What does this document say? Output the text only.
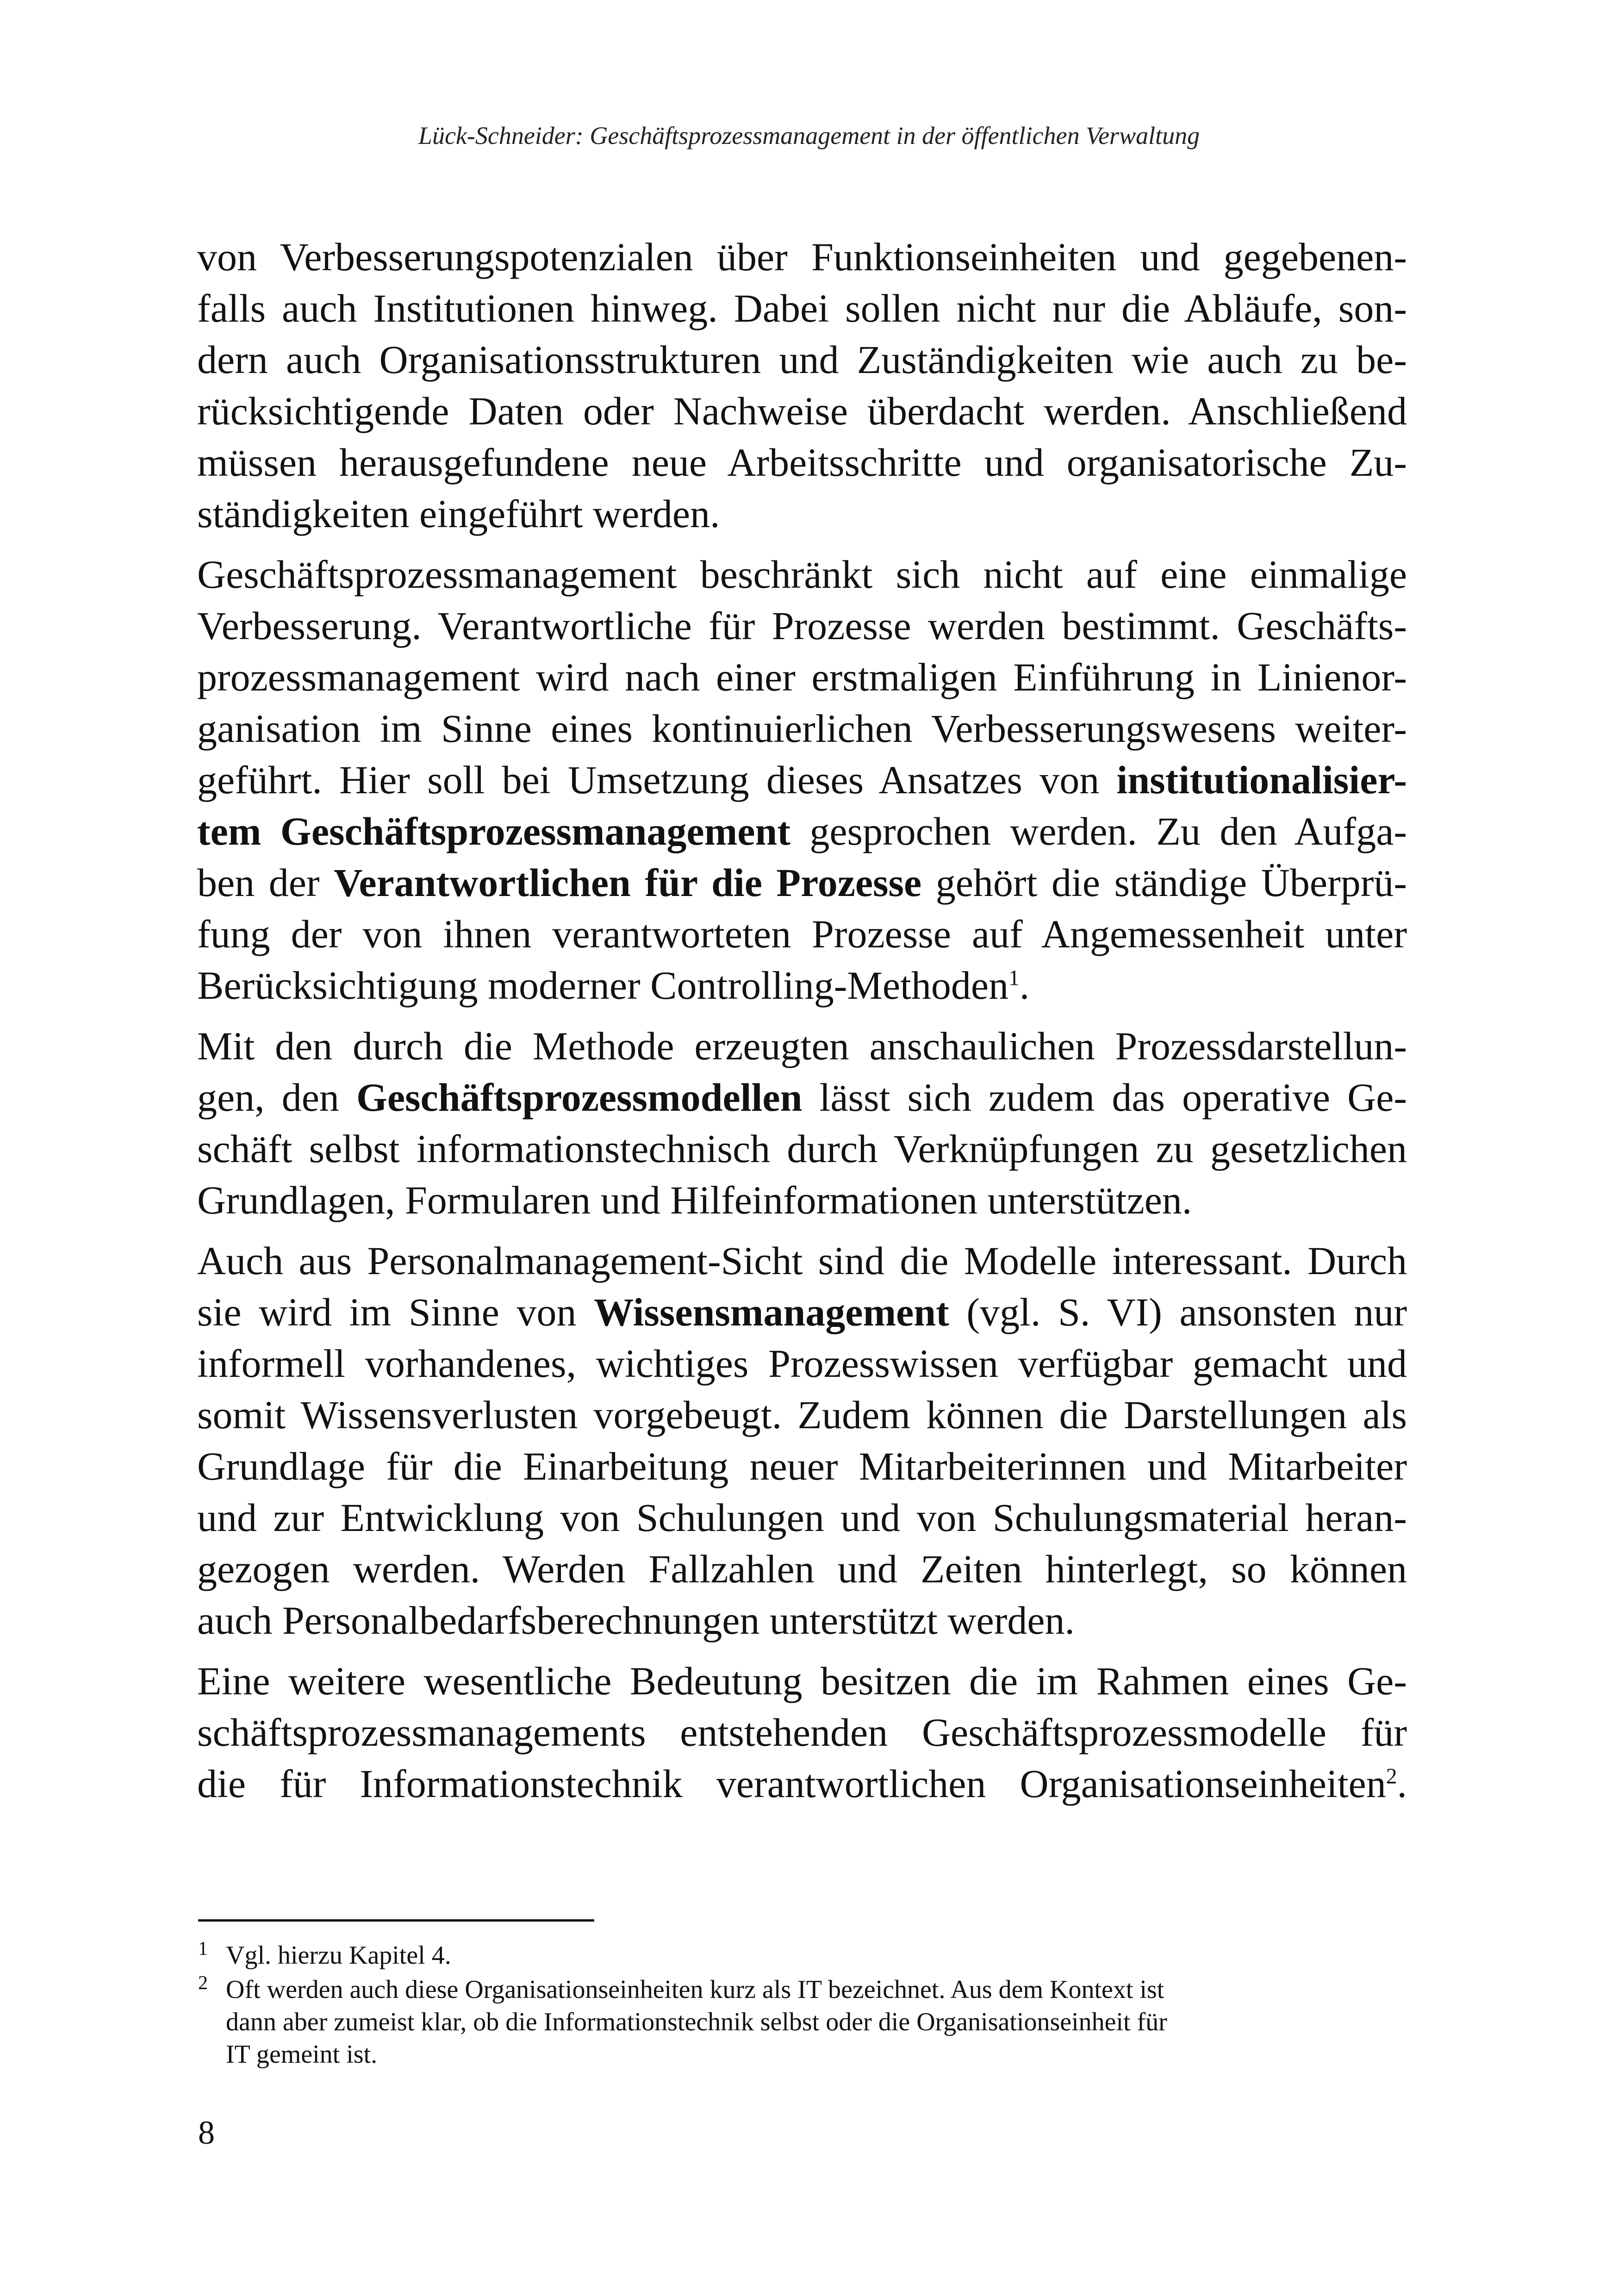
Lück-Schneider: Geschäftsprozessmanagement in der öffentlichen Verwaltung

von Verbesserungspotenzialen über Funktionseinheiten und gegebenen-
falls auch Institutionen hinweg. Dabei sollen nicht nur die Abläufe, son-
dern auch Organisationsstrukturen und Zuständigkeiten wie auch zu be-
rücksichtigende Daten oder Nachweise überdacht werden. Anschließend
müssen herausgefundene neue Arbeitsschritte und organisatorische Zu-
ständigkeiten eingeführt werden.

Geschäftsprozessmanagement beschränkt sich nicht auf eine einmalige
Verbesserung. Verantwortliche für Prozesse werden bestimmt. Geschäfts-
prozessmanagement wird nach einer erstmaligen Einführung in Linienor-
ganisation im Sinne eines kontinuierlichen Verbesserungswesens weiter-
geführt. Hier soll bei Umsetzung dieses Ansatzes von institutionalisier-
tem Geschäftsprozessmanagement gesprochen werden. Zu den Aufga-
ben der Verantwortlichen für die Prozesse gehört die ständige Überprü-
fung der von ihnen verantworteten Prozesse auf Angemessenheit unter
Berücksichtigung moderner Controlling-Methoden$^1$.

Mit den durch die Methode erzeugten anschaulichen Prozessdarstellun-
gen, den Geschäftsprozessmodellen lässt sich zudem das operative Ge-
schäft selbst informationstechnisch durch Verknüpfungen zu gesetzlichen
Grundlagen, Formularen und Hilfeinformationen unterstützen.

Auch aus Personalmanagement-Sicht sind die Modelle interessant. Durch
sie wird im Sinne von Wissensmanagement (vgl. S. VI) ansonsten nur
informell vorhandenes, wichtiges Prozesswissen verfügbar gemacht und
somit Wissensverlusten vorgebeugt. Zudem können die Darstellungen als
Grundlage für die Einarbeitung neuer Mitarbeiterinnen und Mitarbeiter
und zur Entwicklung von Schulungen und von Schulungsmaterial heran-
gezogen werden. Werden Fallzahlen und Zeiten hinterlegt, so können
auch Personalbedarfsberechnungen unterstützt werden.

Eine weitere wesentliche Bedeutung besitzen die im Rahmen eines Ge-
schäftsprozessmanagements entstehenden Geschäftsprozessmodelle für
die für Informationstechnik verantwortlichen Organisationseinheiten$^2$.

1 Vgl. hierzu Kapitel 4.
2 Oft werden auch diese Organisationseinheiten kurz als IT bezeichnet. Aus dem Kontext ist
dann aber zumeist klar, ob die Informationstechnik selbst oder die Organisationseinheit für
IT gemeint ist.
8
